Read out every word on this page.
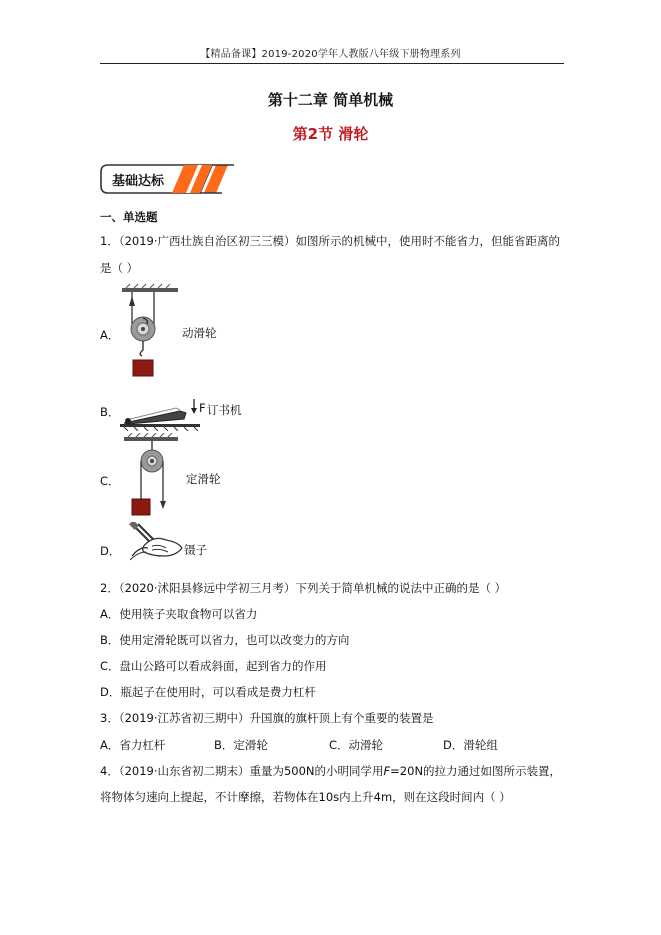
【精品备课】2019-2020学年人教版八年级下册物理系列
第十二章 简单机械
第2节 滑轮
基础达标
一、单选题
1．（2019·广西壮族自治区初三三模）如图所示的机械中，使用时不能省力，但能省距离的
是（ ）
A．	动滑轮
B．	F 订书机
C．	定滑轮
D．	镊子
2．（2020·沭阳县修远中学初三月考）下列关于简单机械的说法中正确的是（ ）
A．使用筷子夹取食物可以省力
B．使用定滑轮既可以省力，也可以改变力的方向
C．盘山公路可以看成斜面，起到省力的作用
D．瓶起子在使用时，可以看成是费力杠杆
3．（2019·江苏省初三期中）升国旗的旗杆顶上有个重要的装置是
A．省力杠杆	B．定滑轮	C．动滑轮	D．滑轮组
4．（2019·山东省初二期末）重量为500N的小明同学用F=20N的拉力通过如图所示装置，
将物体匀速向上提起，不计摩擦，若物体在10s内上升4m，则在这段时间内（ ）
